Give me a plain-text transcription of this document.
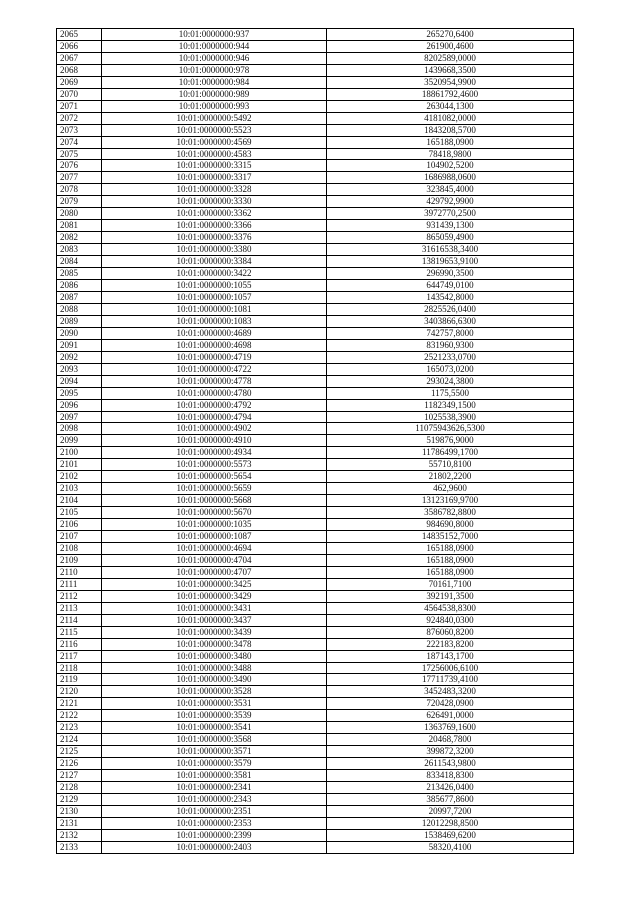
2065	10:01:0000000:937	265270,6400
2066	10:01:0000000:944	261900,4600
2067	10:01:0000000:946	8202589,0000
2068	10:01:0000000:978	1439668,3500
2069	10:01:0000000:984	3520954,9900
2070	10:01:0000000:989	18861792,4600
2071	10:01:0000000:993	263044,1300
2072	10:01:0000000:5492	4181082,0000
2073	10:01:0000000:5523	1843208,5700
2074	10:01:0000000:4569	165188,0900
2075	10:01:0000000:4583	78418,9800
2076	10:01:0000000:3315	104902,5200
2077	10:01:0000000:3317	1686988,0600
2078	10:01:0000000:3328	323845,4000
2079	10:01:0000000:3330	429792,9900
2080	10:01:0000000:3362	3972770,2500
2081	10:01:0000000:3366	931439,1300
2082	10:01:0000000:3376	865059,4900
2083	10:01:0000000:3380	31616538,3400
2084	10:01:0000000:3384	13819653,9100
2085	10:01:0000000:3422	296990,3500
2086	10:01:0000000:1055	644749,0100
2087	10:01:0000000:1057	143542,8000
2088	10:01:0000000:1081	2825526,0400
2089	10:01:0000000:1083	3403866,6300
2090	10:01:0000000:4689	742757,8000
2091	10:01:0000000:4698	831960,9300
2092	10:01:0000000:4719	2521233,0700
2093	10:01:0000000:4722	165073,0200
2094	10:01:0000000:4778	293024,3800
2095	10:01:0000000:4780	1175,5500
2096	10:01:0000000:4792	1182349,1500
2097	10:01:0000000:4794	1025538,3900
2098	10:01:0000000:4902	11075943626,5300
2099	10:01:0000000:4910	519876,9000
2100	10:01:0000000:4934	11786499,1700
2101	10:01:0000000:5573	55710,8100
2102	10:01:0000000:5654	21802,2200
2103	10:01:0000000:5659	462,9600
2104	10:01:0000000:5668	13123169,9700
2105	10:01:0000000:5670	3586782,8800
2106	10:01:0000000:1035	984690,8000
2107	10:01:0000000:1087	14835152,7000
2108	10:01:0000000:4694	165188,0900
2109	10:01:0000000:4704	165188,0900
2110	10:01:0000000:4707	165188,0900
2111	10:01:0000000:3425	70161,7100
2112	10:01:0000000:3429	392191,3500
2113	10:01:0000000:3431	4564538,8300
2114	10:01:0000000:3437	924840,0300
2115	10:01:0000000:3439	876060,8200
2116	10:01:0000000:3478	222183,8200
2117	10:01:0000000:3480	187143,1700
2118	10:01:0000000:3488	17256006,6100
2119	10:01:0000000:3490	17711739,4100
2120	10:01:0000000:3528	3452483,3200
2121	10:01:0000000:3531	720428,0900
2122	10:01:0000000:3539	626491,0000
2123	10:01:0000000:3541	1363769,1600
2124	10:01:0000000:3568	20468,7800
2125	10:01:0000000:3571	399872,3200
2126	10:01:0000000:3579	2611543,9800
2127	10:01:0000000:3581	833418,8300
2128	10:01:0000000:2341	213426,0400
2129	10:01:0000000:2343	385677,8600
2130	10:01:0000000:2351	20997,7200
2131	10:01:0000000:2353	12012298,8500
2132	10:01:0000000:2399	1538469,6200
2133	10:01:0000000:2403	58320,4100
